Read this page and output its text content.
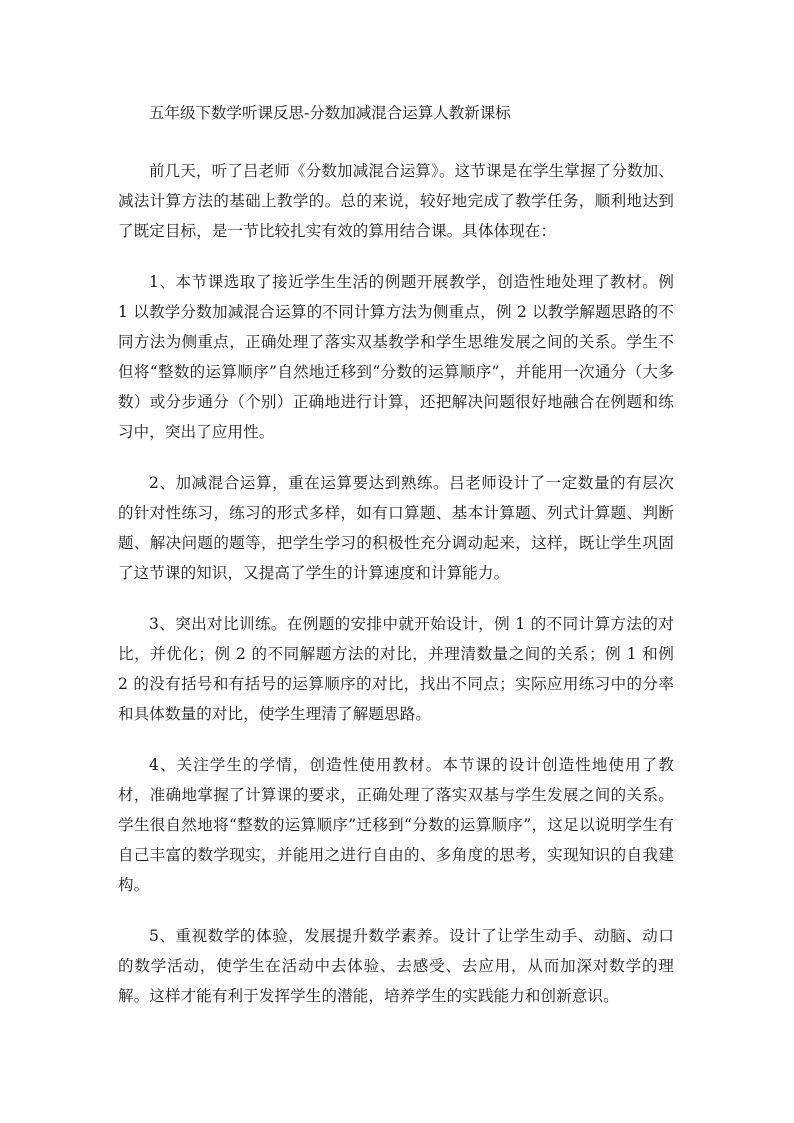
五年级下数学听课反思-分数加减混合运算人教新课标

前几天，听了吕老师《分数加减混合运算》。这节课是在学生掌握了分数加、减法计算方法的基础上教学的。总的来说，较好地完成了教学任务，顺利地达到了既定目标，是一节比较扎实有效的算用结合课。具体体现在：

1、本节课选取了接近学生生活的例题开展教学，创造性地处理了教材。例 1 以教学分数加减混合运算的不同计算方法为侧重点，例 2 以教学解题思路的不同方法为侧重点，正确处理了落实双基教学和学生思维发展之间的关系。学生不但将“整数的运算顺序”自然地迁移到“分数的运算顺序”，并能用一次通分（大多数）或分步通分（个别）正确地进行计算，还把解决问题很好地融合在例题和练习中，突出了应用性。

2、加减混合运算，重在运算要达到熟练。吕老师设计了一定数量的有层次的针对性练习，练习的形式多样，如有口算题、基本计算题、列式计算题、判断题、解决问题的题等，把学生学习的积极性充分调动起来，这样，既让学生巩固了这节课的知识，又提高了学生的计算速度和计算能力。

3、突出对比训练。在例题的安排中就开始设计，例 1 的不同计算方法的对比，并优化；例 2 的不同解题方法的对比，并理清数量之间的关系；例 1 和例 2 的没有括号和有括号的运算顺序的对比，找出不同点；实际应用练习中的分率和具体数量的对比，使学生理清了解题思路。

4、关注学生的学情，创造性使用教材。本节课的设计创造性地使用了教材，准确地掌握了计算课的要求，正确处理了落实双基与学生发展之间的关系。学生很自然地将“整数的运算顺序”迁移到“分数的运算顺序”，这足以说明学生有自己丰富的数学现实，并能用之进行自由的、多角度的思考，实现知识的自我建构。

5、重视数学的体验，发展提升数学素养。设计了让学生动手、动脑、动口的数学活动，使学生在活动中去体验、去感受、去应用，从而加深对数学的理解。这样才能有利于发挥学生的潜能，培养学生的实践能力和创新意识。
